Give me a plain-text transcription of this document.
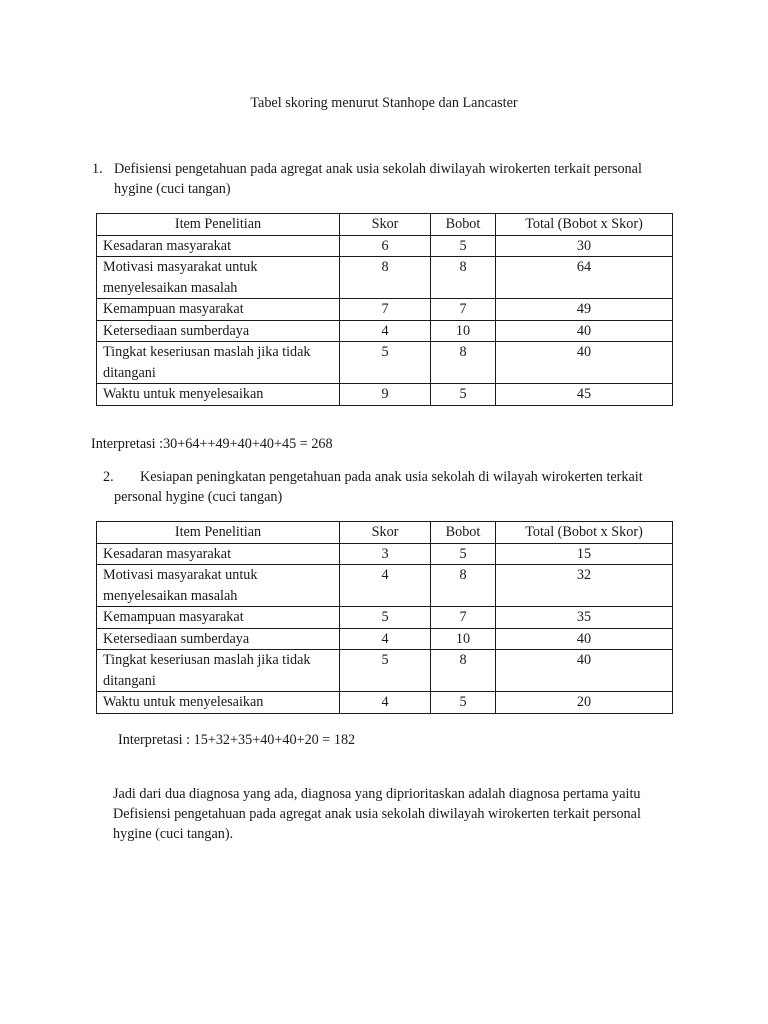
Tabel skoring menurut Stanhope dan Lancaster
1. Defisiensi pengetahuan pada agregat anak usia sekolah diwilayah wirokerten terkait personal hygine (cuci tangan)
Item Penelitian	Skor	Bobot	Total (Bobot x Skor)
Kesadaran masyarakat	6	5	30
Motivasi masyarakat untuk menyelesaikan masalah	8	8	64
Kemampuan masyarakat	7	7	49
Ketersediaan sumberdaya	4	10	40
Tingkat keseriusan maslah jika tidak ditangani	5	8	40
Waktu untuk menyelesaikan	9	5	45
Interpretasi :30+64++49+40+40+45 = 268
2.	Kesiapan peningkatan pengetahuan pada anak usia sekolah di wilayah wirokerten terkait personal hygine (cuci tangan)
Item Penelitian	Skor	Bobot	Total (Bobot x Skor)
Kesadaran masyarakat	3	5	15
Motivasi masyarakat untuk menyelesaikan masalah	4	8	32
Kemampuan masyarakat	5	7	35
Ketersediaan sumberdaya	4	10	40
Tingkat keseriusan maslah jika tidak ditangani	5	8	40
Waktu untuk menyelesaikan	4	5	20
Interpretasi : 15+32+35+40+40+20 = 182
Jadi dari dua diagnosa yang ada, diagnosa yang diprioritaskan adalah diagnosa pertama yaitu Defisiensi pengetahuan pada agregat anak usia sekolah diwilayah wirokerten terkait personal hygine (cuci tangan).
